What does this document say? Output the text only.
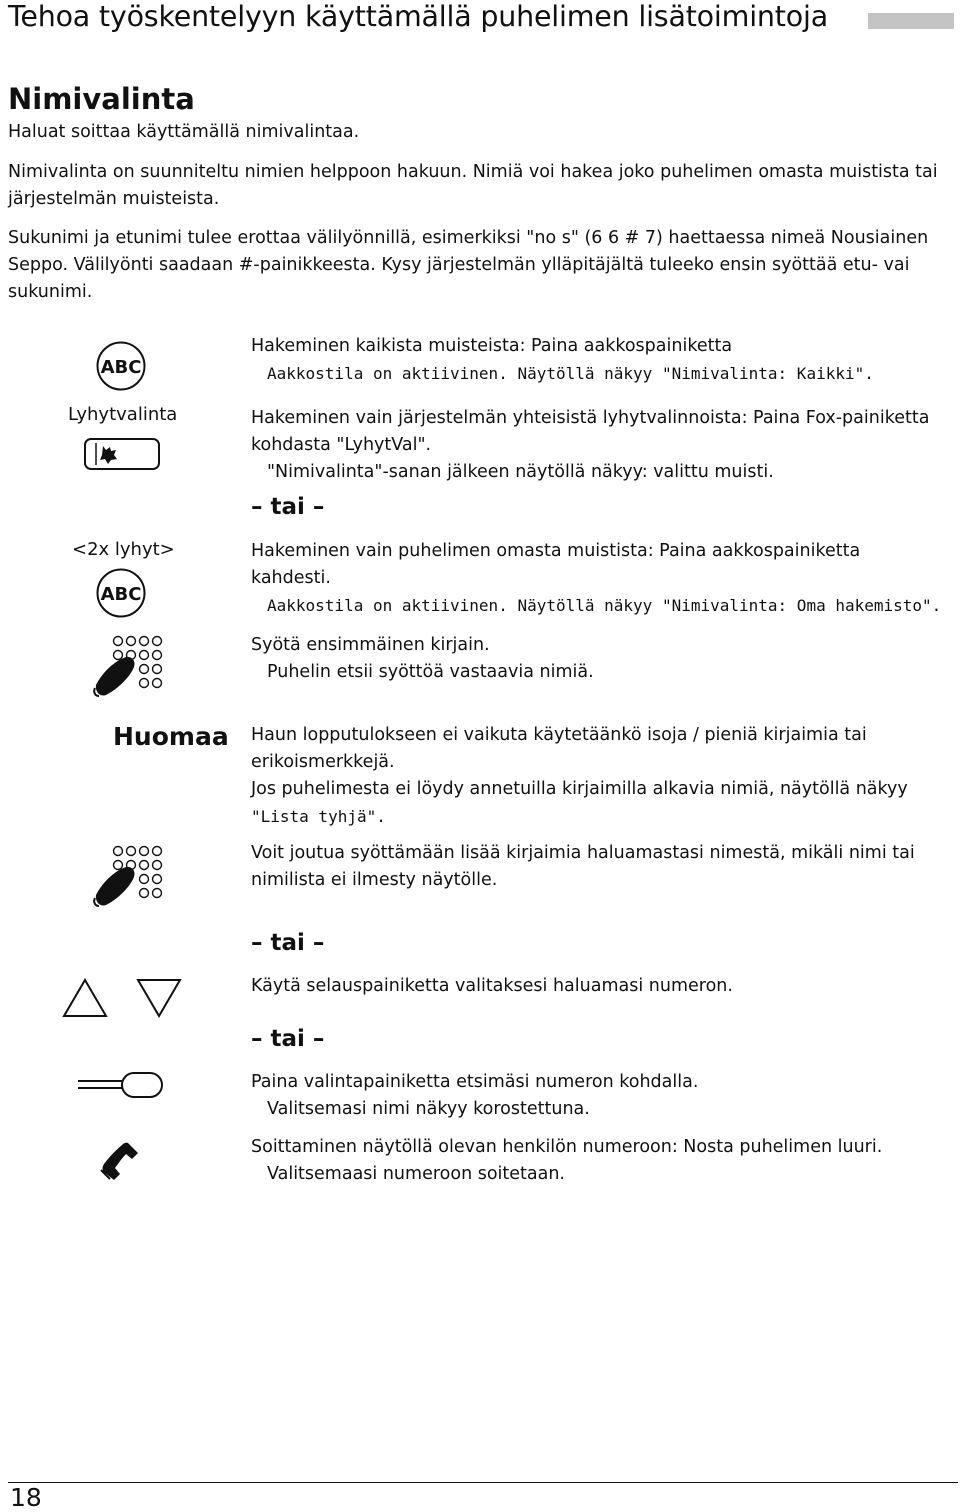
Tehoa työskentelyyn käyttämällä puhelimen lisätoimintoja
Nimivalinta
Haluat soittaa käyttämällä nimivalintaa.
Nimivalinta on suunniteltu nimien helppoon hakuun. Nimiä voi hakea joko puhelimen omasta muistista tai järjestelmän muisteista.
Sukunimi ja etunimi tulee erottaa välilyönnillä, esimerkiksi "no s" (6 6 # 7) haettaessa nimeä Nousiainen Seppo. Välilyönti saadaan #-painikkeesta. Kysy järjestelmän ylläpitäjältä tuleeko ensin syöttää etu- vai sukunimi.
ABC
Hakeminen kaikista muisteista: Paina aakkospainiketta
Aakkostila on aktiivinen. Näytöllä näkyy "Nimivalinta: Kaikki".
Lyhytvalinta	Hakeminen vain järjestelmän yhteisistä lyhytvalinnoista: Paina Fox-painiketta
kohdasta "LyhytVal".
"Nimivalinta"-sanan jälkeen näytöllä näkyy: valittu muisti.
– tai –
<2x lyhyt>
ABC
Hakeminen vain puhelimen omasta muistista: Paina aakkospainiketta
kahdesti.
Aakkostila on aktiivinen. Näytöllä näkyy "Nimivalinta: Oma hakemisto".
Syötä ensimmäinen kirjain.
Puhelin etsii syöttöä vastaavia nimiä.
Huomaa Haun lopputulokseen ei vaikuta käytetäänkö isoja / pieniä kirjaimia tai
erikoismerkkejä.
Jos puhelimesta ei löydy annetuilla kirjaimilla alkavia nimiä, näytöllä näkyy
"Lista tyhjä".
Voit joutua syöttämään lisää kirjaimia haluamastasi nimestä, mikäli nimi tai
nimilista ei ilmesty näytölle.
– tai –
Käytä selauspainiketta valitaksesi haluamasi numeron.
– tai –
Paina valintapainiketta etsimäsi numeron kohdalla.
Valitsemasi nimi näkyy korostettuna.
Soittaminen näytöllä olevan henkilön numeroon: Nosta puhelimen luuri.
Valitsemaasi numeroon soitetaan.
18
